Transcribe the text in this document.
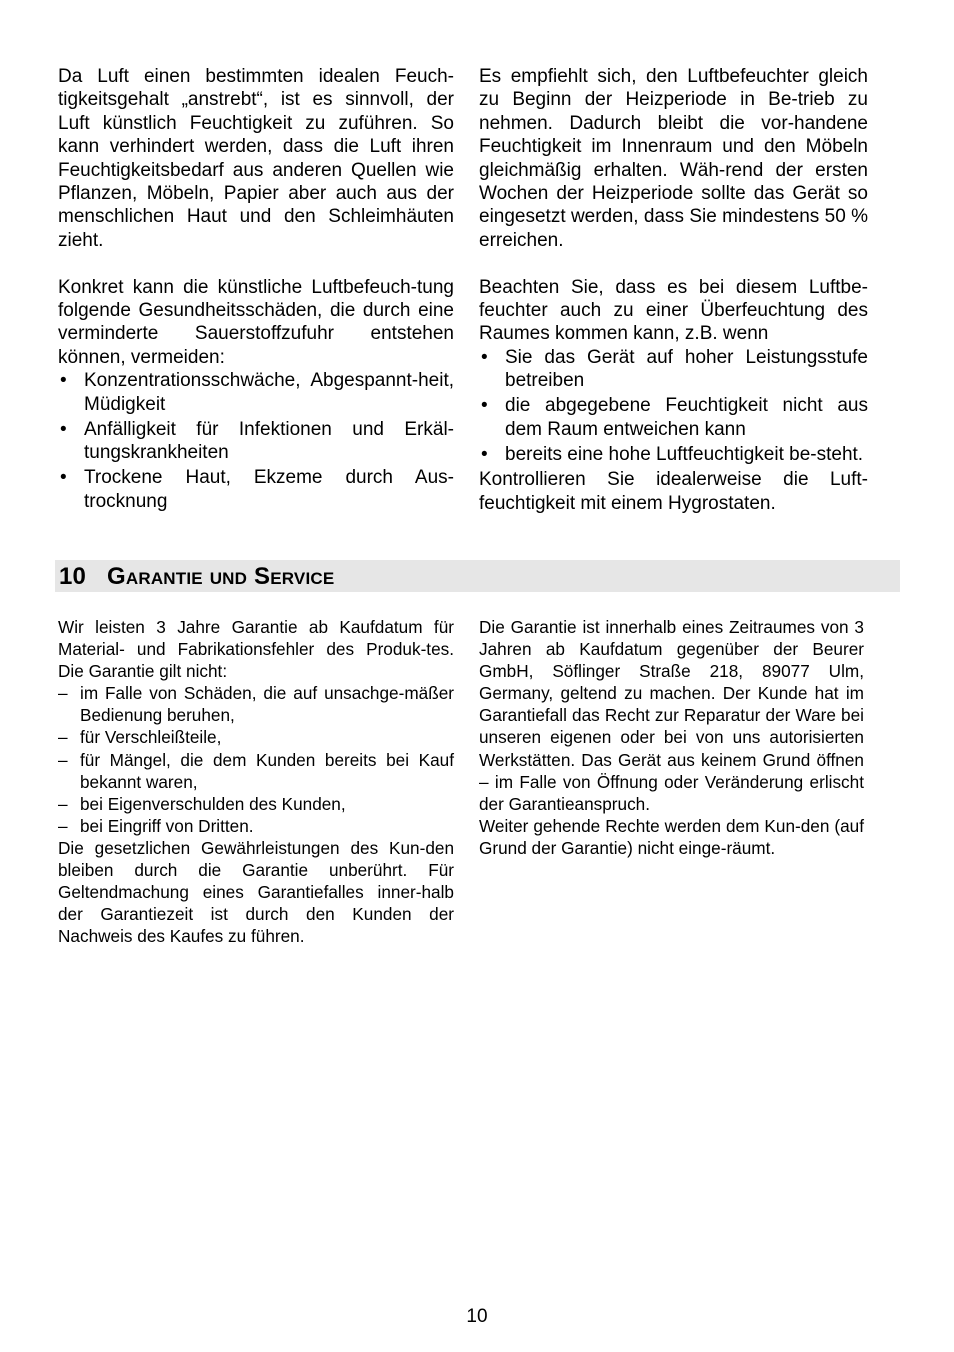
Da Luft einen bestimmten idealen Feuch-tigkeitsgehalt „anstrebt“, ist es sinnvoll, der Luft künstlich Feuchtigkeit zu zuführen. So kann verhindert werden, dass die Luft ihren Feuchtigkeitsbedarf aus anderen Quellen wie Pflanzen, Möbeln, Papier aber auch aus der menschlichen Haut und den Schleimhäuten zieht.

Konkret kann die künstliche Luftbefeuch-tung folgende Gesundheitsschäden, die durch eine verminderte Sauerstoffzufuhr entstehen können, vermeiden:

• Konzentrationsschwäche, Abgespannt-heit, Müdigkeit
• Anfälligkeit für Infektionen und Erkäl-tungskrankheiten
• Trockene Haut, Ekzeme durch Aus-trocknung

Es empfiehlt sich, den Luftbefeuchter gleich zu Beginn der Heizperiode in Be-trieb zu nehmen. Dadurch bleibt die vor-handene Feuchtigkeit im Innenraum und den Möbeln gleichmäßig erhalten. Wäh-rend der ersten Wochen der Heizperiode sollte das Gerät so eingesetzt werden, dass Sie mindestens 50 % erreichen.

Beachten Sie, dass es bei diesem Luftbe-feuchter auch zu einer Überfeuchtung des Raumes kommen kann, z.B. wenn

• Sie das Gerät auf hoher Leistungsstufe betreiben
• die abgegebene Feuchtigkeit nicht aus dem Raum entweichen kann
• bereits eine hohe Luftfeuchtigkeit be-steht.

Kontrollieren Sie idealerweise die Luft-feuchtigkeit mit einem Hygrostaten.

10 Garantie und Service

Wir leisten 3 Jahre Garantie ab Kaufdatum für Material- und Fabrikationsfehler des Produk-tes. Die Garantie gilt nicht:

– im Falle von Schäden, die auf unsachge-mäßer Bedienung beruhen,
– für Verschleißteile,
– für Mängel, die dem Kunden bereits bei Kauf bekannt waren,
– bei Eigenverschulden des Kunden,
– bei Eingriff von Dritten.

Die gesetzlichen Gewährleistungen des Kun-den bleiben durch die Garantie unberührt. Für Geltendmachung eines Garantiefalles inner-halb der Garantiezeit ist durch den Kunden der Nachweis des Kaufes zu führen.

Die Garantie ist innerhalb eines Zeitraumes von 3 Jahren ab Kaufdatum gegenüber der Beurer GmbH, Söflinger Straße 218, 89077 Ulm, Germany, geltend zu machen. Der Kunde hat im Garantiefall das Recht zur Reparatur der Ware bei unseren eigenen oder bei von uns autorisierten Werkstätten. Das Gerät aus keinem Grund öffnen – im Falle von Öffnung oder Veränderung erlischt der Garantieanspruch.

Weiter gehende Rechte werden dem Kun-den (auf Grund der Garantie) nicht einge-räumt.

10
